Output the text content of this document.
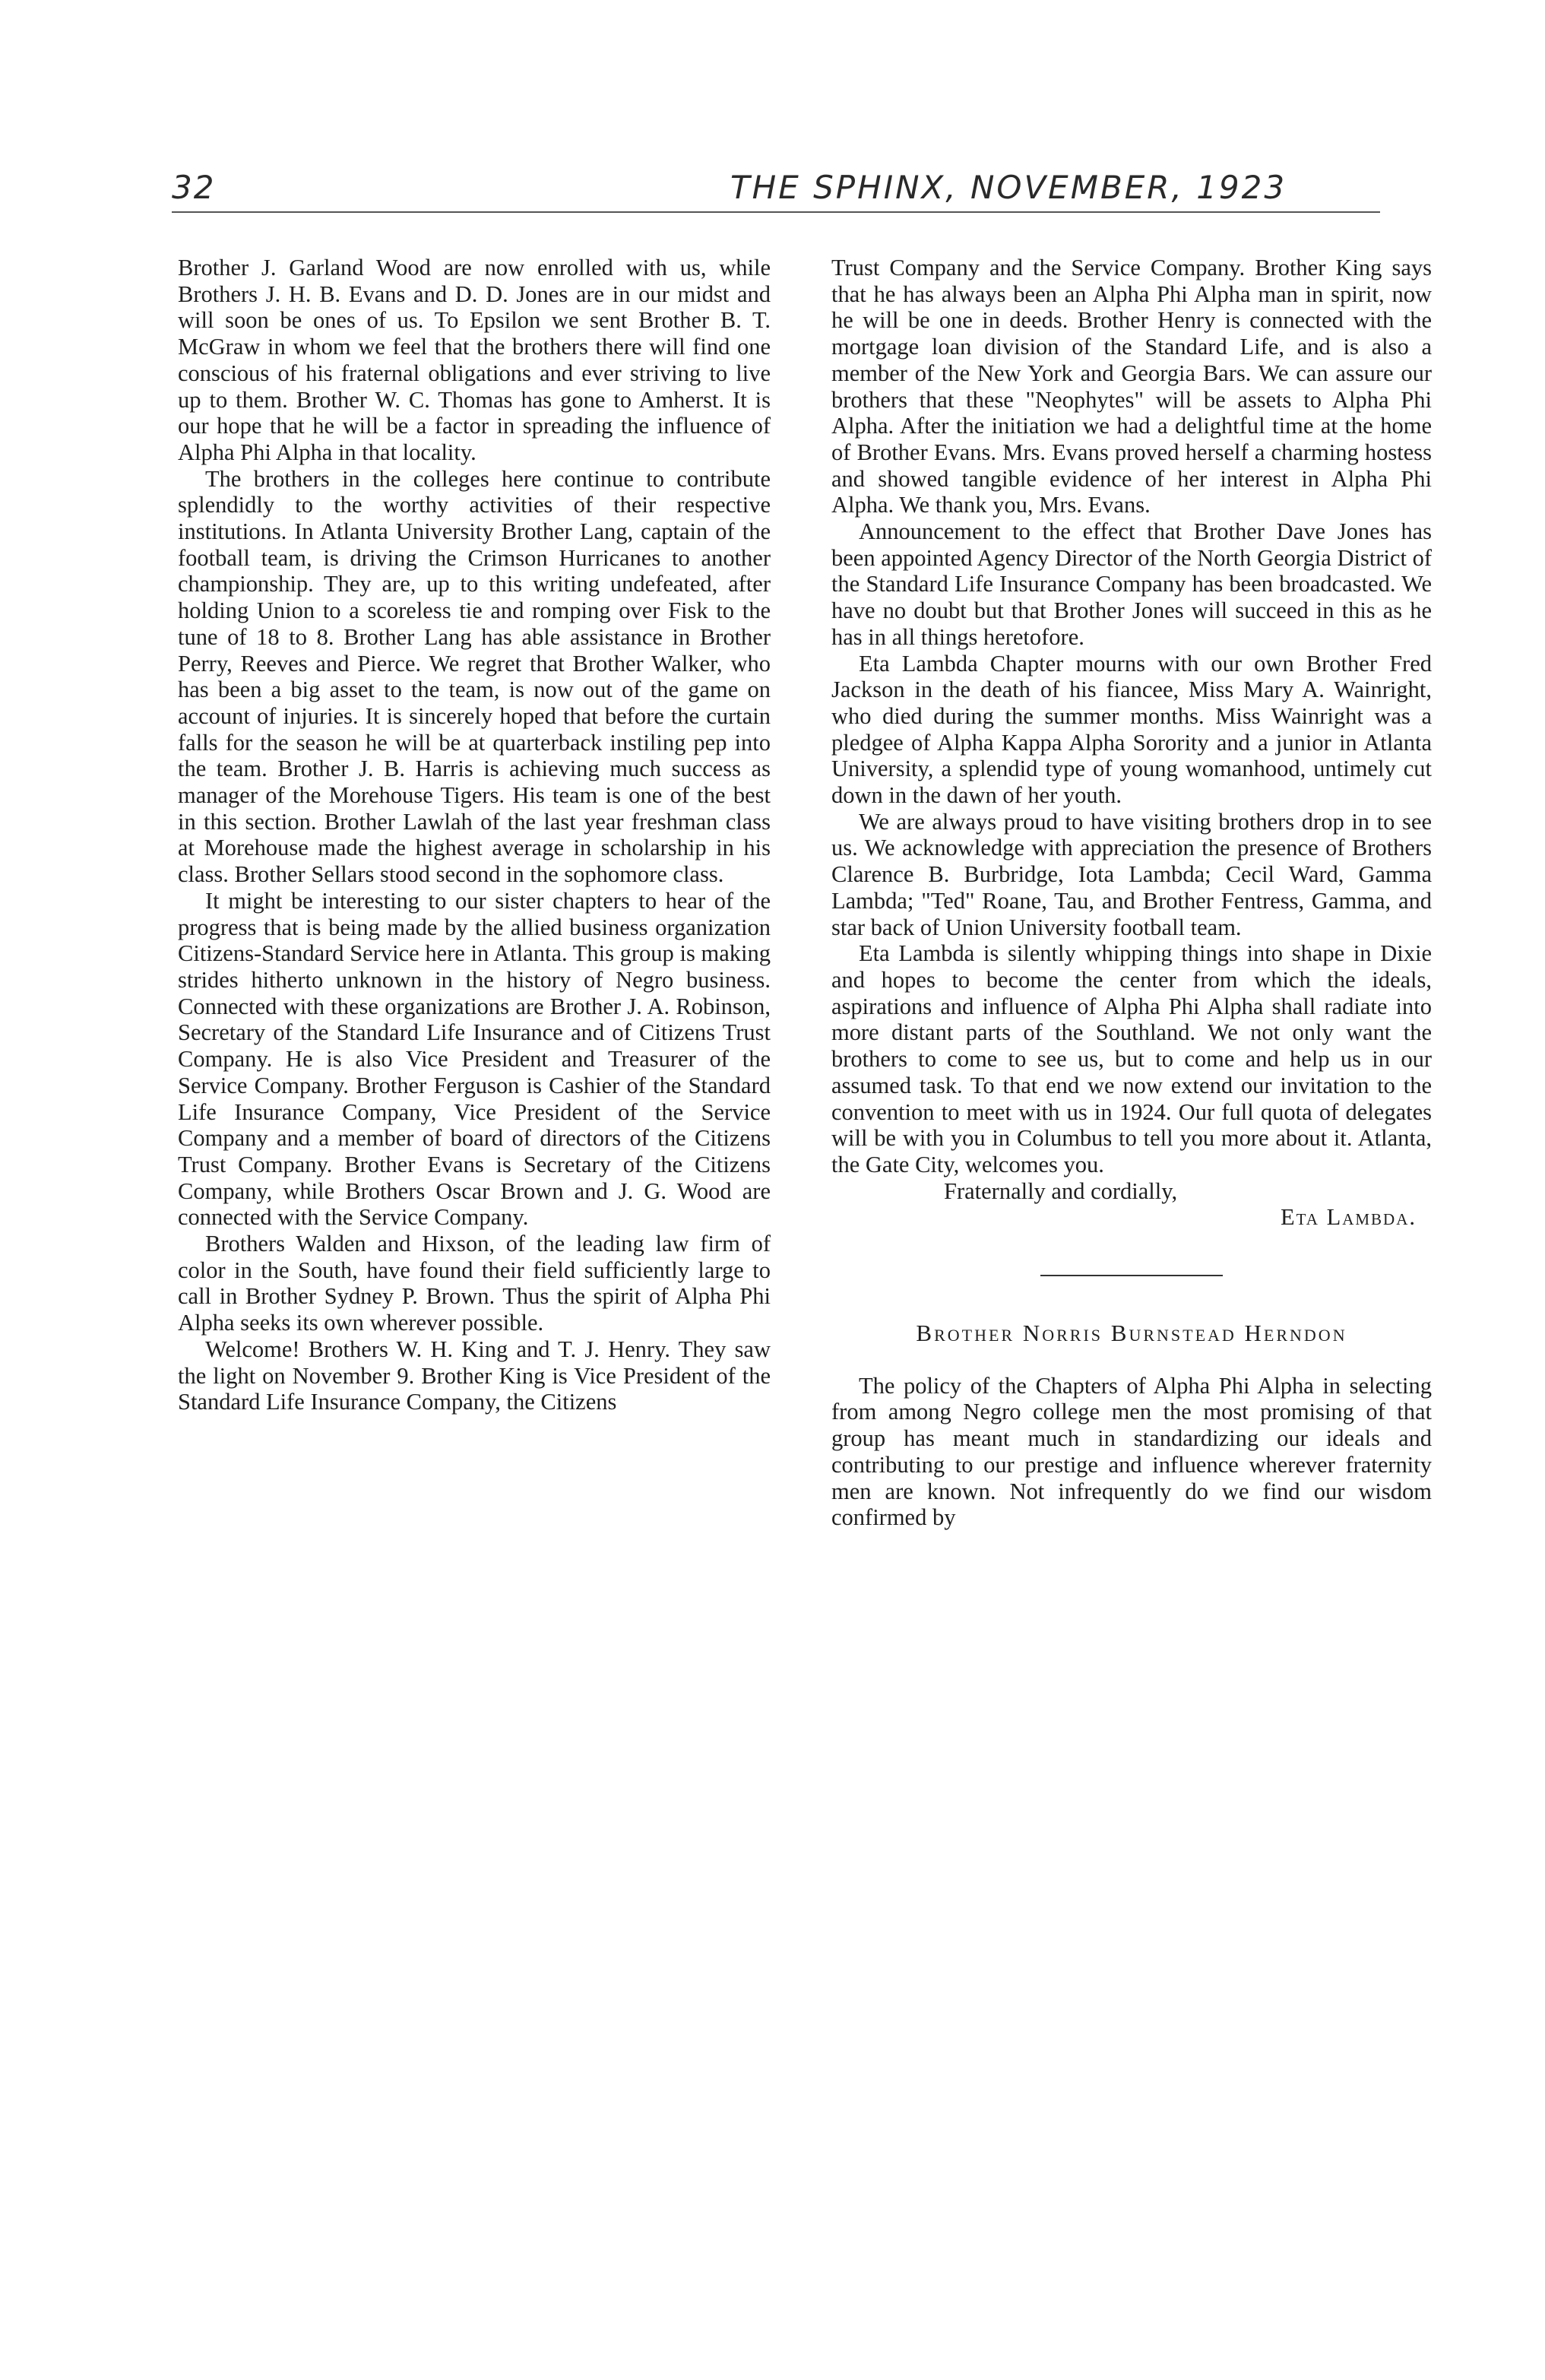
32	THE SPHINX, NOVEMBER, 1923

Brother J. Garland Wood are now enrolled with us, while Brothers J. H. B. Evans and D. D. Jones are in our midst and will soon be ones of us. To Epsilon we sent Brother B. T. McGraw in whom we feel that the brothers there will find one conscious of his fraternal obligations and ever striving to live up to them. Brother W. C. Thomas has gone to Amherst. It is our hope that he will be a factor in spreading the influence of Alpha Phi Alpha in that locality.

The brothers in the colleges here continue to contribute splendidly to the worthy activities of their respective institutions. In Atlanta University Brother Lang, captain of the football team, is driving the Crimson Hurricanes to another championship. They are, up to this writing undefeated, after holding Union to a scoreless tie and romping over Fisk to the tune of 18 to 8. Brother Lang has able assistance in Brother Perry, Reeves and Pierce. We regret that Brother Walker, who has been a big asset to the team, is now out of the game on account of injuries. It is sincerely hoped that before the curtain falls for the season he will be at quarterback instiling pep into the team. Brother J. B. Harris is achieving much success as manager of the Morehouse Tigers. His team is one of the best in this section. Brother Lawlah of the last year freshman class at Morehouse made the highest average in scholarship in his class. Brother Sellars stood second in the sophomore class.

It might be interesting to our sister chapters to hear of the progress that is being made by the allied business organization Citizens-Standard Service here in Atlanta. This group is making strides hitherto unknown in the history of Negro business. Connected with these organizations are Brother J. A. Robinson, Secretary of the Standard Life Insurance and of Citizens Trust Company. He is also Vice President and Treasurer of the Service Company. Brother Ferguson is Cashier of the Standard Life Insurance Company, Vice President of the Service Company and a member of board of directors of the Citizens Trust Company. Brother Evans is Secretary of the Citizens Company, while Brothers Oscar Brown and J. G. Wood are connected with the Service Company.

Brothers Walden and Hixson, of the leading law firm of color in the South, have found their field sufficiently large to call in Brother Sydney P. Brown. Thus the spirit of Alpha Phi Alpha seeks its own wherever possible.

Welcome! Brothers W. H. King and T. J. Henry. They saw the light on November 9. Brother King is Vice President of the Standard Life Insurance Company, the Citizens

Trust Company and the Service Company. Brother King says that he has always been an Alpha Phi Alpha man in spirit, now he will be one in deeds. Brother Henry is connected with the mortgage loan division of the Standard Life, and is also a member of the New York and Georgia Bars. We can assure our brothers that these "Neophytes" will be assets to Alpha Phi Alpha. After the initiation we had a delightful time at the home of Brother Evans. Mrs. Evans proved herself a charming hostess and showed tangible evidence of her interest in Alpha Phi Alpha. We thank you, Mrs. Evans.

Announcement to the effect that Brother Dave Jones has been appointed Agency Director of the North Georgia District of the Standard Life Insurance Company has been broadcasted. We have no doubt but that Brother Jones will succeed in this as he has in all things heretofore.

Eta Lambda Chapter mourns with our own Brother Fred Jackson in the death of his fiancee, Miss Mary A. Wainright, who died during the summer months. Miss Wainright was a pledgee of Alpha Kappa Alpha Sorority and a junior in Atlanta University, a splendid type of young womanhood, untimely cut down in the dawn of her youth.

We are always proud to have visiting brothers drop in to see us. We acknowledge with appreciation the presence of Brothers Clarence B. Burbridge, Iota Lambda; Cecil Ward, Gamma Lambda; "Ted" Roane, Tau, and Brother Fentress, Gamma, and star back of Union University football team.

Eta Lambda is silently whipping things into shape in Dixie and hopes to become the center from which the ideals, aspirations and influence of Alpha Phi Alpha shall radiate into more distant parts of the Southland. We not only want the brothers to come to see us, but to come and help us in our assumed task. To that end we now extend our invitation to the convention to meet with us in 1924. Our full quota of delegates will be with you in Columbus to tell you more about it. Atlanta, the Gate City, welcomes you.

Fraternally and cordially,

Eta Lambda.

Brother Norris Burnstead Herndon

The policy of the Chapters of Alpha Phi Alpha in selecting from among Negro college men the most promising of that group has meant much in standardizing our ideals and contributing to our prestige and influence wherever fraternity men are known. Not infrequently do we find our wisdom confirmed by
